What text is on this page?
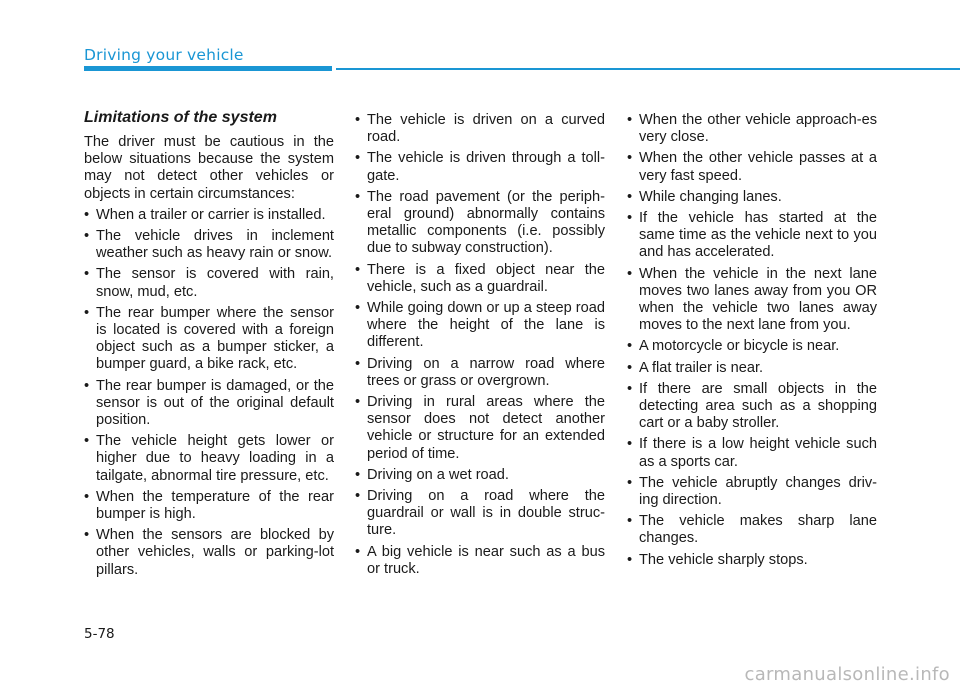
Driving your vehicle
Limitations of the system
The driver must be cautious in the below situations because the system may not detect other vehicles or objects in certain circumstances:
• When a trailer or carrier is installed.
• The vehicle drives in inclement weather such as heavy rain or snow.
• The sensor is covered with rain, snow, mud, etc.
• The rear bumper where the sensor is located is covered with a foreign object such as a bumper sticker, a bumper guard, a bike rack, etc.
• The rear bumper is damaged, or the sensor is out of the original default position.
• The vehicle height gets lower or higher due to heavy loading in a tailgate, abnormal tire pressure, etc.
• When the temperature of the rear bumper is high.
• When the sensors are blocked by other vehicles, walls or parking-lot pillars.
• The vehicle is driven on a curved road.
• The vehicle is driven through a toll-gate.
• The road pavement (or the periph-eral ground) abnormally contains metallic components (i.e. possibly due to subway construction).
• There is a fixed object near the vehicle, such as a guardrail.
• While going down or up a steep road where the height of the lane is different.
• Driving on a narrow road where trees or grass or overgrown.
• Driving in rural areas where the sensor does not detect another vehicle or structure for an extended period of time.
• Driving on a wet road.
• Driving on a road where the guardrail or wall is in double struc-ture.
• A big vehicle is near such as a bus or truck.
• When the other vehicle approach-es very close.
• When the other vehicle passes at a very fast speed.
• While changing lanes.
• If the vehicle has started at the same time as the vehicle next to you and has accelerated.
• When the vehicle in the next lane moves two lanes away from you OR when the vehicle two lanes away moves to the next lane from you.
• A motorcycle or bicycle is near.
• A flat trailer is near.
• If there are small objects in the detecting area such as a shopping cart or a baby stroller.
• If there is a low height vehicle such as a sports car.
• The vehicle abruptly changes driv-ing direction.
• The vehicle makes sharp lane changes.
• The vehicle sharply stops.
5-78
carmanualsonline.info
